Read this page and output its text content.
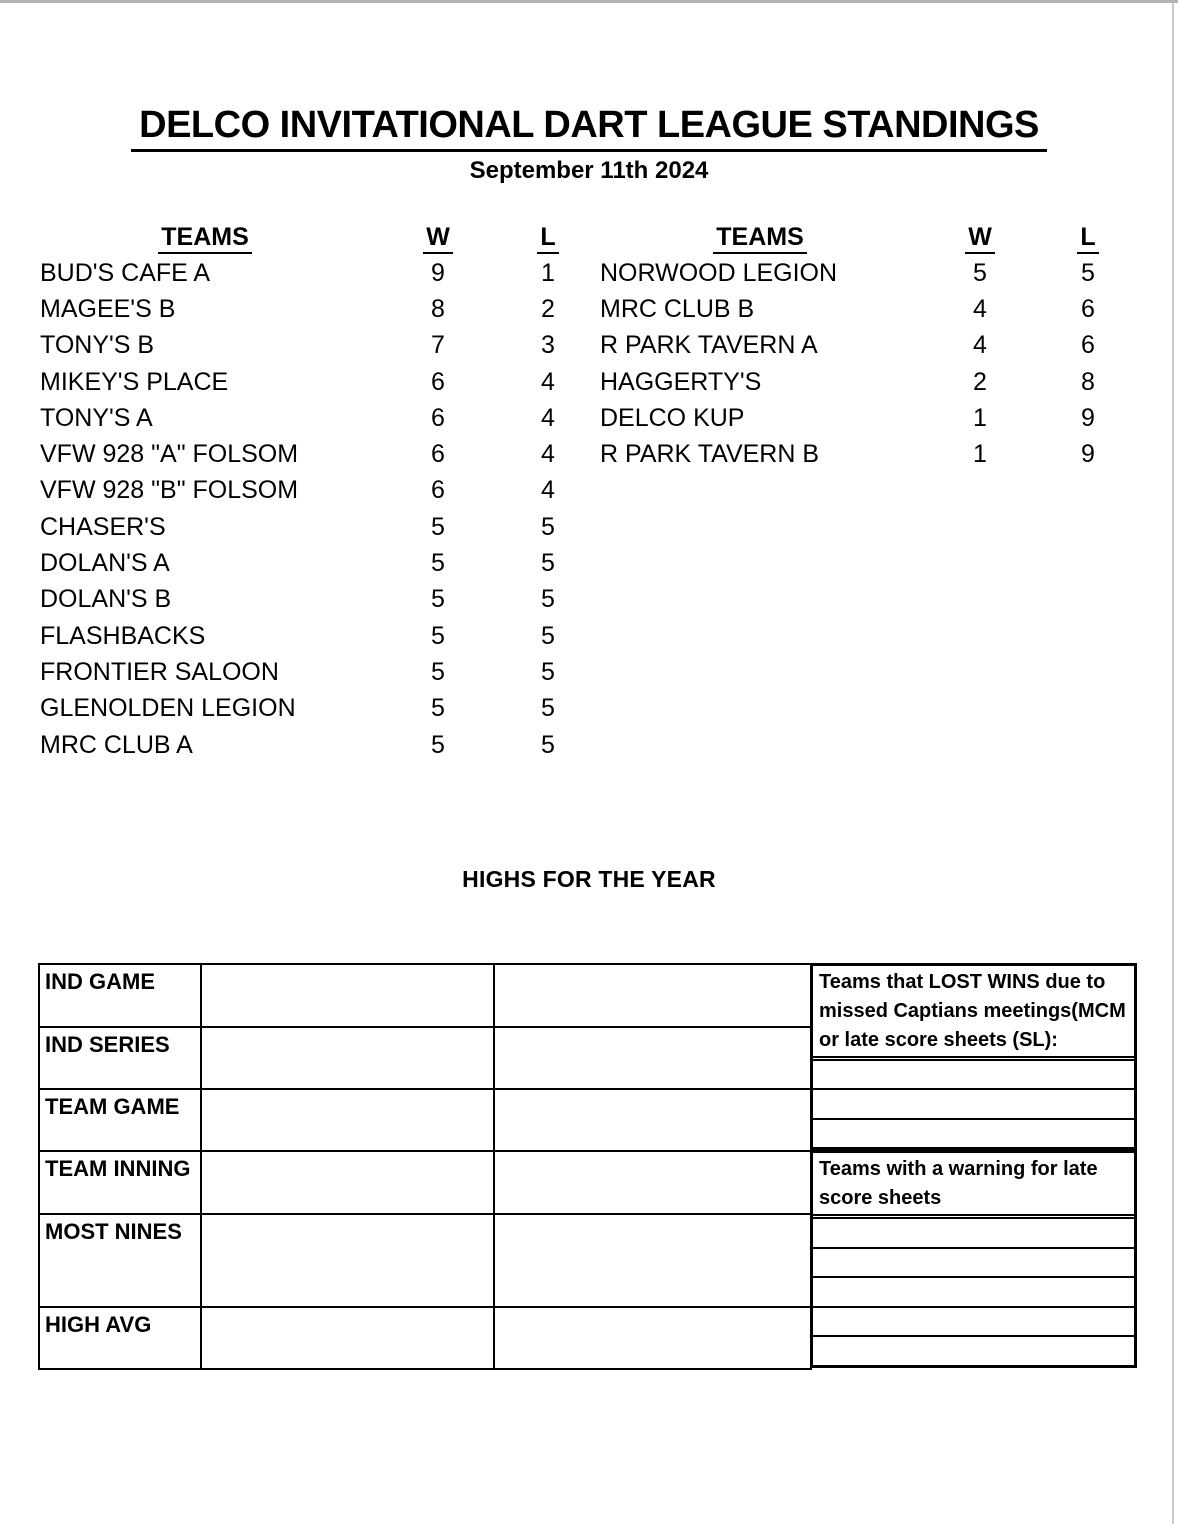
DELCO INVITATIONAL DART LEAGUE STANDINGS
September 11th 2024
TEAMS	W	L
BUD'S CAFE A	9	1
MAGEE'S B	8	2
TONY'S B	7	3
MIKEY'S PLACE	6	4
TONY'S A	6	4
VFW 928 "A" FOLSOM	6	4
VFW 928 "B" FOLSOM	6	4
CHASER'S	5	5
DOLAN'S A	5	5
DOLAN'S B	5	5
FLASHBACKS	5	5
FRONTIER SALOON	5	5
GLENOLDEN LEGION	5	5
MRC CLUB A	5	5
TEAMS	W	L
NORWOOD LEGION	5	5
MRC CLUB B	4	6
R PARK TAVERN A	4	6
HAGGERTY'S	2	8
DELCO KUP	1	9
R PARK TAVERN B	1	9
HIGHS FOR THE YEAR
IND GAME		
IND SERIES		
TEAM GAME		
TEAM INNING		
MOST NINES		
HIGH AVG		
Teams that LOST WINS due to
missed Captians meetings(MCM
or late score sheets (SL):
Teams with a warning for late
score sheets
